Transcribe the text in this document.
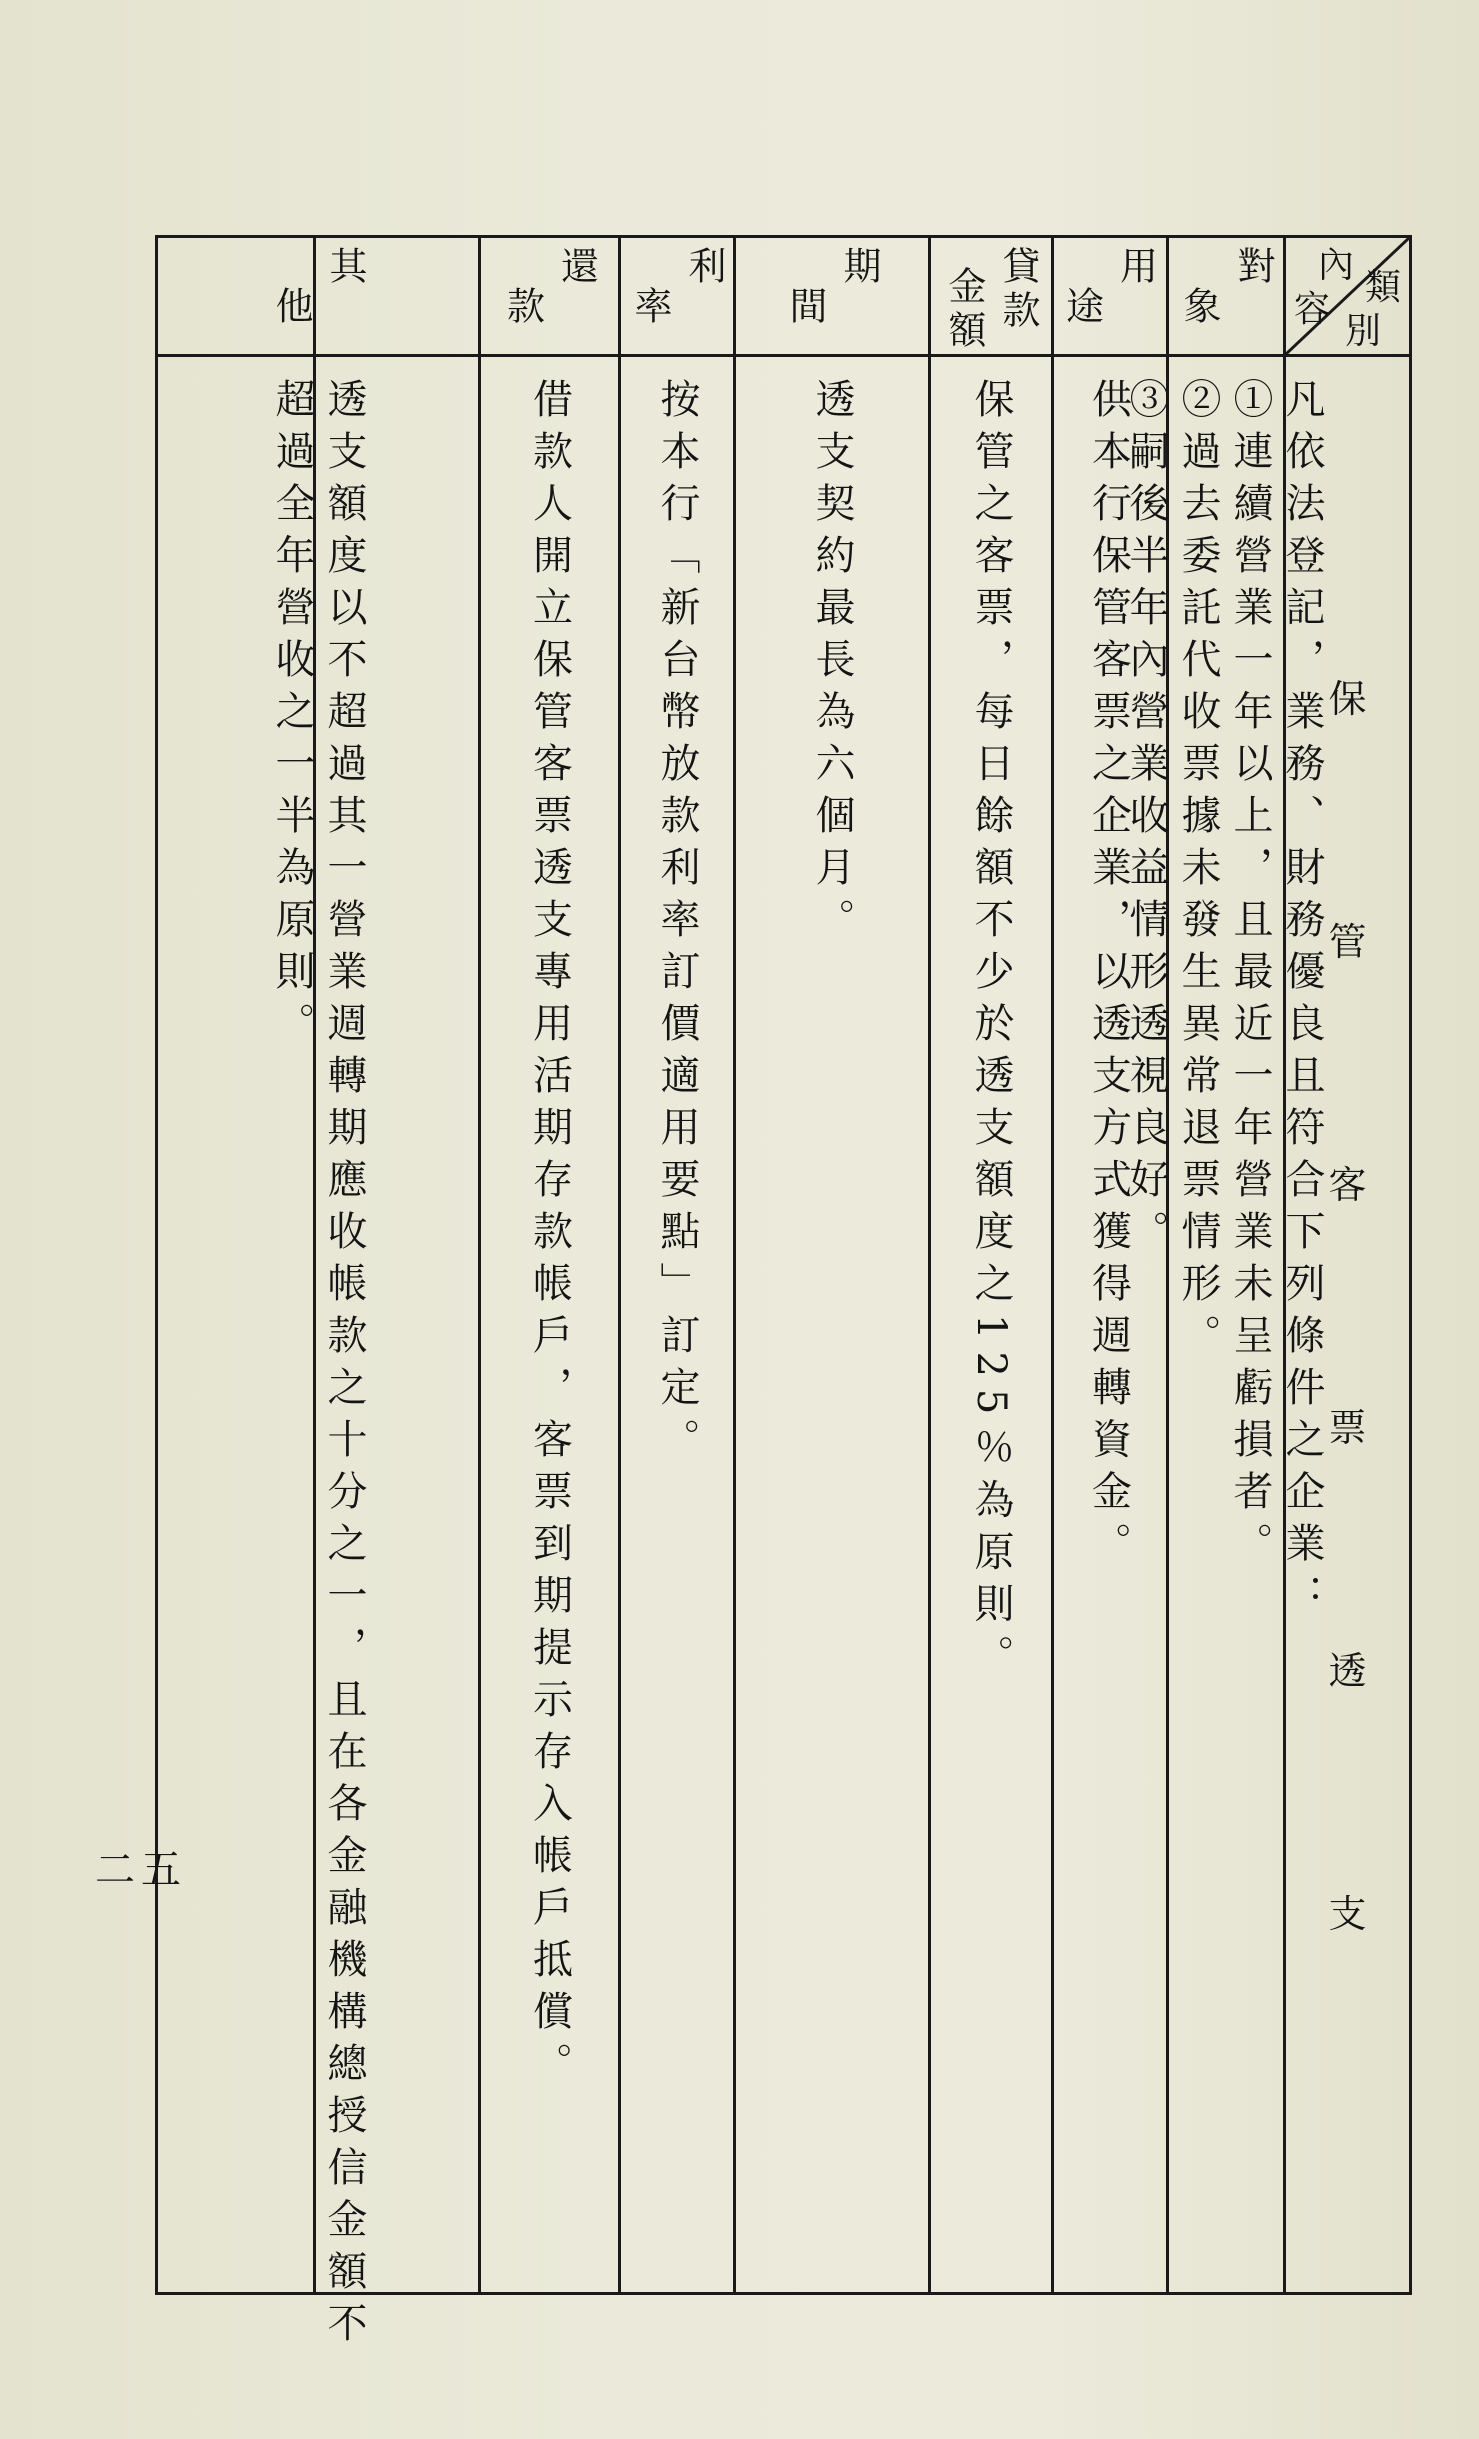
內
容
類
別
保
管
客
票
透
支
對
象
凡依法登記，業務、財務優良且符合下列條件之企業：
①連續營業一年以上，且最近一年營業未呈虧損者。
②過去委託代收票據未發生異常退票情形。
③嗣後半年內營業收益情形透視良好。
用
途
貸款
金額
期
間
透支契約最長為六個月。
利
率
按本行「新台幣放款利率訂價適用要點」訂定。
還
款
借款人開立保管客票透支專用活期存款帳戶，客票到期提示存入帳戶抵償。
其
他
透支額度以不超過其一營業週轉期應收帳款之十分之一，且在各金融機構總授信金額不
超過全年營收之一半為原則。	供本行保管客票之企業，以透支方式獲得週轉資金。
保管之客票，每日餘額不少於透支額度之125％為原則。
二五
